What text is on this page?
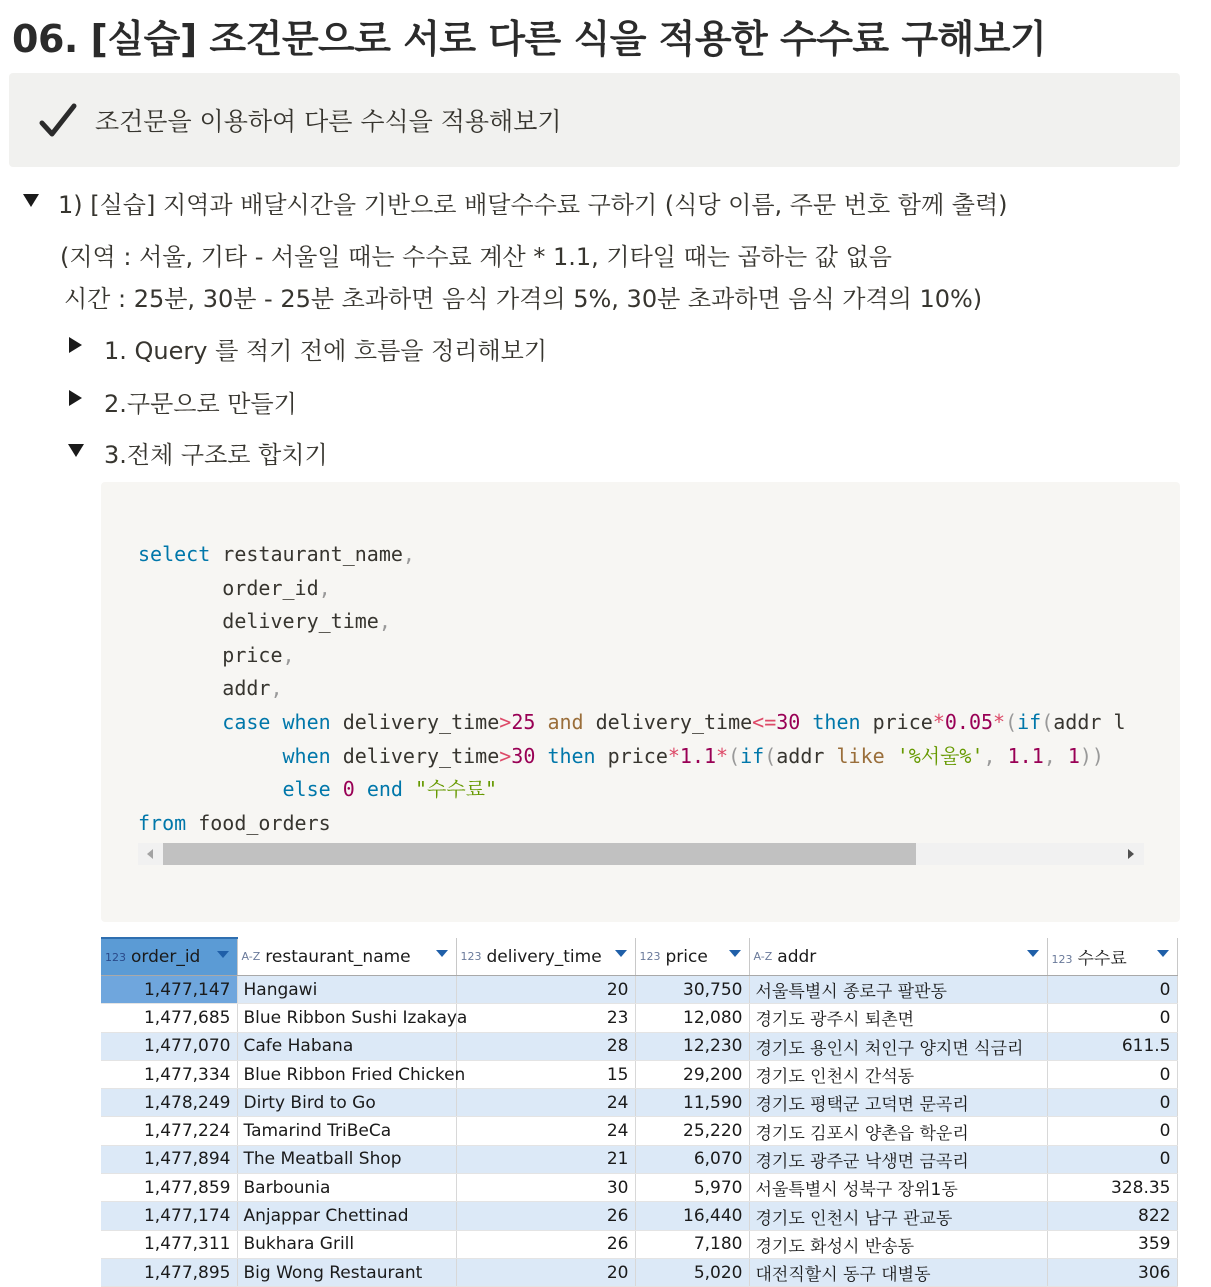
06. [실습] 조건문으로 서로 다른 식을 적용한 수수료 구해보기
조건문을 이용하여 다른 수식을 적용해보기
1) [실습] 지역과 배달시간을 기반으로 배달수수료 구하기 (식당 이름, 주문 번호 함께 출력)
(지역 : 서울, 기타 - 서울일 때는 수수료 계산 * 1.1, 기타일 때는 곱하는 값 없음
시간 : 25분, 30분 - 25분 초과하면 음식 가격의 5%, 30분 초과하면 음식 가격의 10%)
1. Query 를 적기 전에 흐름을 정리해보기
2.구문으로 만들기
3.전체 구조로 합치기
select restaurant_name,
order_id,
delivery_time,
price,
addr,
case when delivery_time>25 and delivery_time<=30 then price*0.05*(if(addr l
when delivery_time>30 then price*1.1*(if(addr like '%서울%', 1.1, 1))
else 0 end "수수료"
from food_orders
123 order_id	A-Z restaurant_name	123 delivery_time	123 price	A-Z addr	123 수수료

1,477,147	Hangawi	20	30,750	서울특별시 종로구 팔판동	0
1,477,685	Blue Ribbon Sushi Izakaya	23	12,080	경기도 광주시 퇴촌면	0
1,477,070	Cafe Habana	28	12,230	경기도 용인시 처인구 양지면 식금리	611.5
1,477,334	Blue Ribbon Fried Chicken	15	29,200	경기도 인천시 간석동	0
1,478,249	Dirty Bird to Go	24	11,590	경기도 평택군 고덕면 문곡리	0
1,477,224	Tamarind TriBeCa	24	25,220	경기도 김포시 양촌읍 학운리	0
1,477,894	The Meatball Shop	21	6,070	경기도 광주군 낙생면 금곡리	0
1,477,859	Barbounia	30	5,970	서울특별시 성북구 장위1동	328.35
1,477,174	Anjappar Chettinad	26	16,440	경기도 인천시 남구 관교동	822
1,477,311	Bukhara Grill	26	7,180	경기도 화성시 반송동	359
1,477,895	Big Wong Restaurant	20	5,020	대전직할시 동구 대별동	306
